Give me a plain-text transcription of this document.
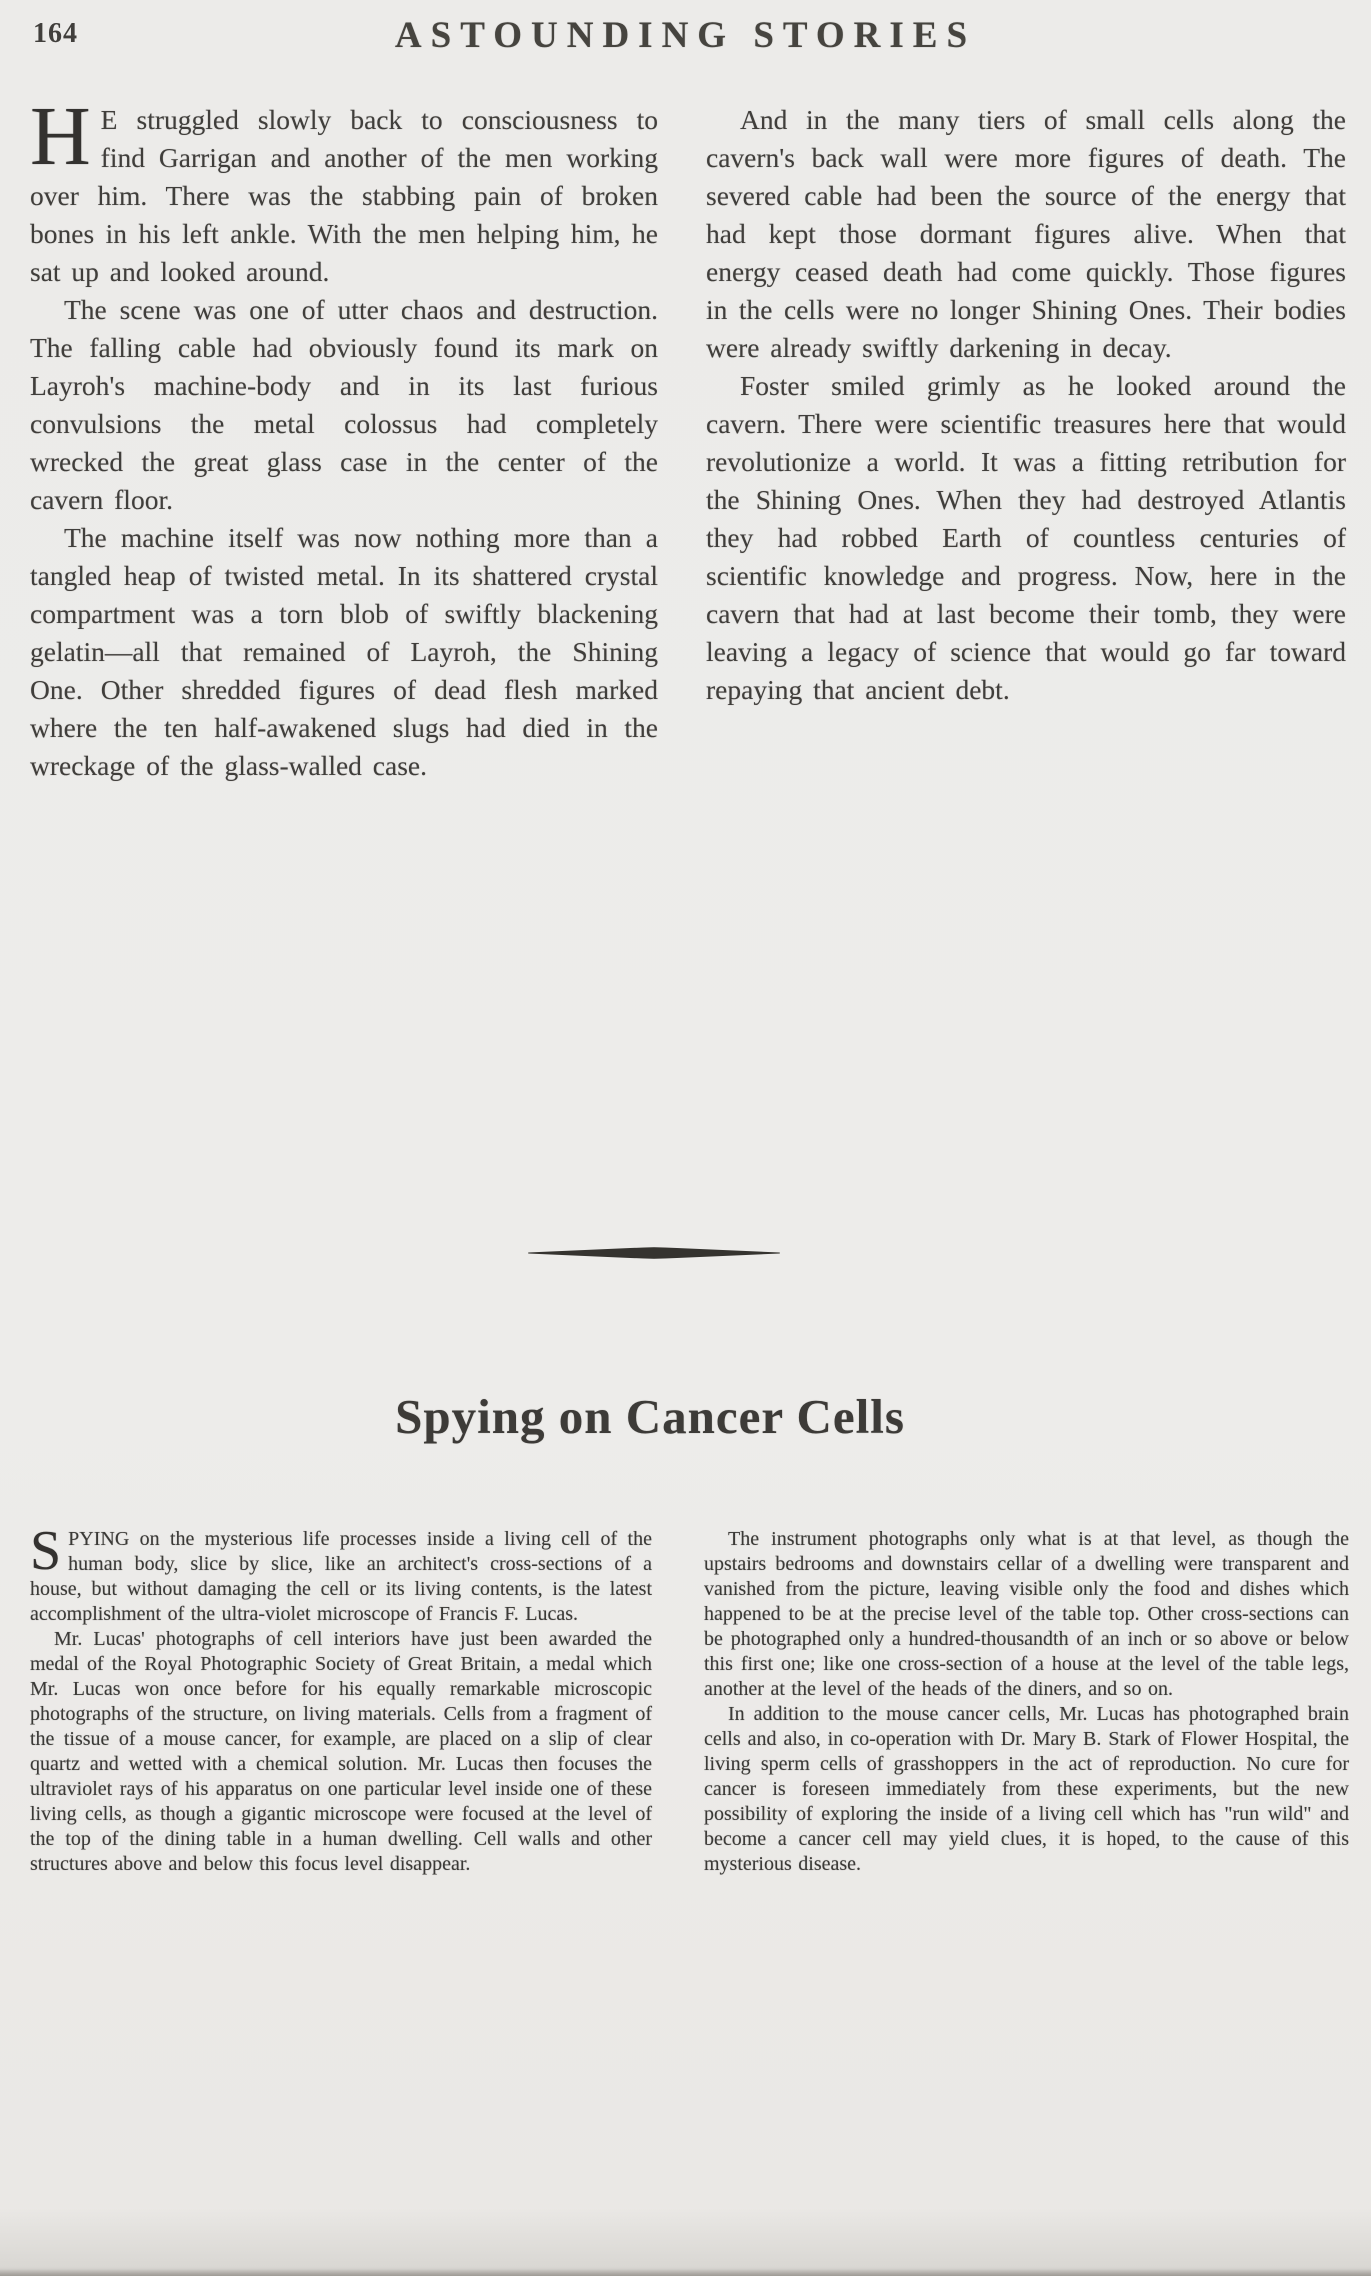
164	ASTOUNDING STORIES

H E struggled slowly back to consciousness to find Garrigan and another of the men working over him. There was the stabbing pain of broken bones in his left ankle. With the men helping him, he sat up and looked around.

The scene was one of utter chaos and destruction. The falling cable had obviously found its mark on Layroh's machine-body and in its last furious convulsions the metal colossus had completely wrecked the great glass case in the center of the cavern floor.

The machine itself was now nothing more than a tangled heap of twisted metal. In its shattered crystal compartment was a torn blob of swiftly blackening gelatin—all that remained of Layroh, the Shining One. Other shredded figures of dead flesh marked where the ten half-awakened slugs had died in the wreckage of the glass-walled case.

And in the many tiers of small cells along the cavern's back wall were more figures of death. The severed cable had been the source of the energy that had kept those dormant figures alive. When that energy ceased death had come quickly. Those figures in the cells were no longer Shining Ones. Their bodies were already swiftly darkening in decay.

Foster smiled grimly as he looked around the cavern. There were scientific treasures here that would revolutionize a world. It was a fitting retribution for the Shining Ones. When they had destroyed Atlantis they had robbed Earth of countless centuries of scientific knowledge and progress. Now, here in the cavern that had at last become their tomb, they were leaving a legacy of science that would go far toward repaying that ancient debt.

Spying on Cancer Cells

SPYING on the mysterious life processes inside a living cell of the human body, slice by slice, like an architect's cross-sections of a house, but without damaging the cell or its living contents, is the latest accomplishment of the ultra-violet microscope of Francis F. Lucas.

Mr. Lucas' photographs of cell interiors have just been awarded the medal of the Royal Photographic Society of Great Britain, a medal which Mr. Lucas won once before for his equally remarkable microscopic photographs of the structure, on living materials. Cells from a fragment of the tissue of a mouse cancer, for example, are placed on a slip of clear quartz and wetted with a chemical solution. Mr. Lucas then focuses the ultraviolet rays of his apparatus on one particular level inside one of these living cells, as though a gigantic microscope were focused at the level of the top of the dining table in a human dwelling. Cell walls and other structures above and below this focus level disappear.

The instrument photographs only what is at that level, as though the upstairs bedrooms and downstairs cellar of a dwelling were transparent and vanished from the picture, leaving visible only the food and dishes which happened to be at the precise level of the table top. Other cross-sections can be photographed only a hundred-thousandth of an inch or so above or below this first one; like one cross-section of a house at the level of the table legs, another at the level of the heads of the diners, and so on.

In addition to the mouse cancer cells, Mr. Lucas has photographed brain cells and also, in co-operation with Dr. Mary B. Stark of Flower Hospital, the living sperm cells of grasshoppers in the act of reproduction. No cure for cancer is foreseen immediately from these experiments, but the new possibility of exploring the inside of a living cell which has "run wild" and become a cancer cell may yield clues, it is hoped, to the cause of this mysterious disease.
